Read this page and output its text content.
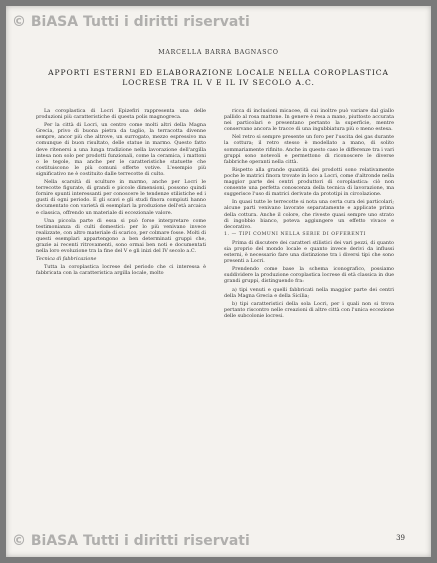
© BiASA Tutti i diritti riservati
MARCELLA BARRA BAGNASCO
APPORTI ESTERNI ED ELABORAZIONE LOCALE NELLA COROPLASTICA LOCRESE TRA IL V E IL IV SECOLO A.C.

La coroplastica di Locri Epizefiri rappresenta una delle produzioni più caratteristiche di questa polis magnogreca.

Per la città di Locri, un centro come molti altri della Magna Grecia, privo di buona pietra da taglio, la terracotta divenne sempre, ancor più che altrove, un surrogato, mezzo espressivo ma comunque di buon risultato, delle statue in marmo. Questo fatto deve ritenersi a una lunga tradizione nella lavorazione dell'argilla intesa non solo per prodotti funzionali, come la ceramica, i mattoni o le tegole, ma anche per le caratteristiche statuette che costituiscono le più comuni offerte votive. L'esempio più significativo ne è costituito dalle terrecotte di culto.

Nella scarsità di sculture in marmo, anche per Locri le terrecotte figurate, di grandi e piccole dimensioni, possono quindi fornire spunti interessanti per conoscere le tendenze stilistiche ed i gusti di ogni periodo. E gli scavi e gli studi finora compiuti hanno documentato con varietà di esemplari la produzione dell'età arcaica e classica, offrendo un materiale di eccezionale valore.

Una piccola parte di essa si può forse interpretare come testimonianza di culti domestici: per lo più venivano invece realizzate, con altro materiale di scarico, per colmare fosse. Molti di questi esemplari appartengono a ben determinati gruppi che, grazie ai recenti ritrovamenti, sono ormai ben noti e documentati nella loro evoluzione tra la fine del V e gli inizi del IV secolo a.C.

Tecnica di fabbricazione

Tutta la coroplastica locrese del periodo che ci interessa è fabbricata con la caratteristica argilla locale, molto

ricca di inclusioni micacee, di cui inoltre può variare dal giallo pallido al rosa mattone. In genere è resa a mano, piuttosto accurata nei particolari e presentano pertanto la superficie, mentre conservano ancora le tracce di una ingubbiatura più o meno estesa.

Nel retro si sempre presente un foro per l'uscita dei gas durante la cottura; il retro stesso è modellato a mano, di solito sommariamente rifinito. Anche in questo caso le differenze tra i vari gruppi sono notevoli e permettono di riconoscere le diverse fabbriche operanti nella città.

Rispetto alla grande quantità dei prodotti sono relativamente poche le matrici finora trovate in loco a Locri, come d'altronde nella maggior parte dei centri produttori di coroplastica: ciò non consente una perfetta conoscenza della tecnica di lavorazione, ma suggerisce l'uso di matrici derivate da prototipi in circolazione.

In quasi tutte le terrecotte si nota una certa cura dei particolari; alcune parti venivano lavorate separatamente e applicate prima della cottura. Anche il colore, che riveste quasi sempre uno strato di ingobbio bianco, poteva aggiungere un effetto vivace e decorativo.

1. — TIPI COMUNI NELLA SERIE DI OFFERENTI

Prima di discutere dei caratteri stilistici dei vari pezzi, di quanto sia proprio del mondo locale e quanto invece derivi da influssi esterni, è necessario fare una distinzione tra i diversi tipi che sono presenti a Locri.

Prendendo come base la schema iconografico, possiamo suddividere la produzione coroplastica locrese di età classica in due grandi gruppi, distinguendo fra:

a) tipi venuti e quelli fabbricati nella maggior parte dei centri della Magna Grecia e della Sicilia;

b) tipi caratteristici della sola Locri, per i quali non si trova pertanto riscontro nelle creazioni di altre città con l'unica eccezione delle subcolonie locresi.

39
© BiASA Tutti i diritti riservati
